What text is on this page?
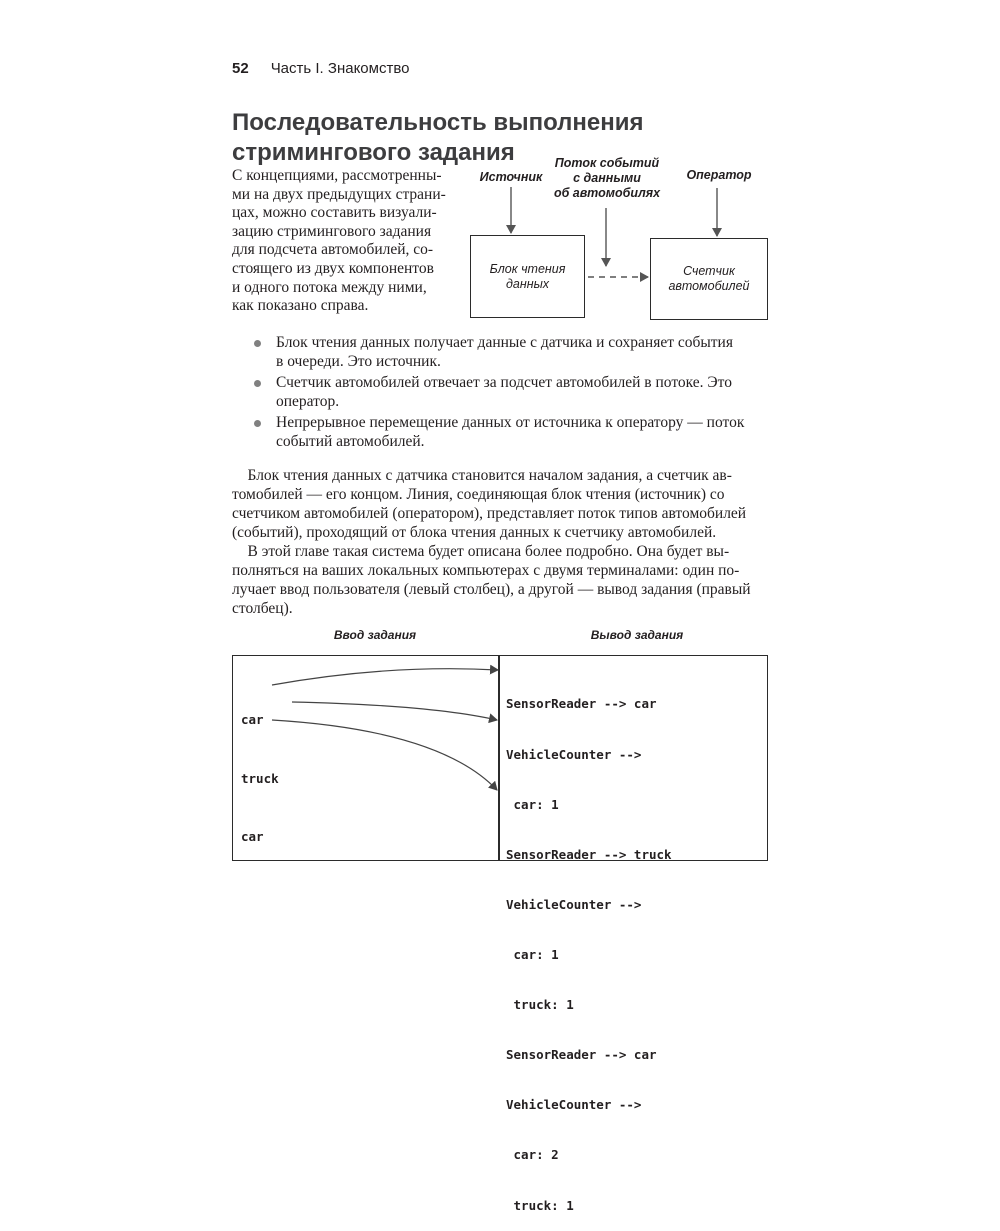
52 Часть I. Знакомство
Последовательность выполнения
стримингового задания
С концепциями, рассмотренны-
ми на двух предыдущих страни-
цах, можно составить визуали-
зацию стримингового задания
для подсчета автомобилей, со-
стоящего из двух компонентов
и одного потока между ними,
как показано справа.
Источник
Поток событий
с данными
об автомобилях
Оператор
Блок чтения
данных
Счетчик
автомобилей
Блок чтения данных получает данные с датчика и сохраняет события
в очереди. Это источник.
Счетчик автомобилей отвечает за подсчет автомобилей в потоке. Это
оператор.
Непрерывное перемещение данных от источника к оператору — поток
событий автомобилей.
Блок чтения данных с датчика становится началом задания, а счетчик ав-
томобилей — его концом. Линия, соединяющая блок чтения (источник) со
счетчиком автомобилей (оператором), представляет поток типов автомобилей
(событий), проходящий от блока чтения данных к счетчику автомобилей.
В этой главе такая система будет описана более подробно. Она будет вы-
полняться на ваших локальных компьютерах с двумя терминалами: один по-
лучает ввод пользователя (левый столбец), а другой — вывод задания (правый
столбец).
Ввод задания	Вывод задания

car

truck

car

SensorReader --> car

VehicleCounter -->

car: 1

SensorReader --> truck

VehicleCounter -->

car: 1

truck: 1

SensorReader --> car

VehicleCounter -->

car: 2

truck: 1
